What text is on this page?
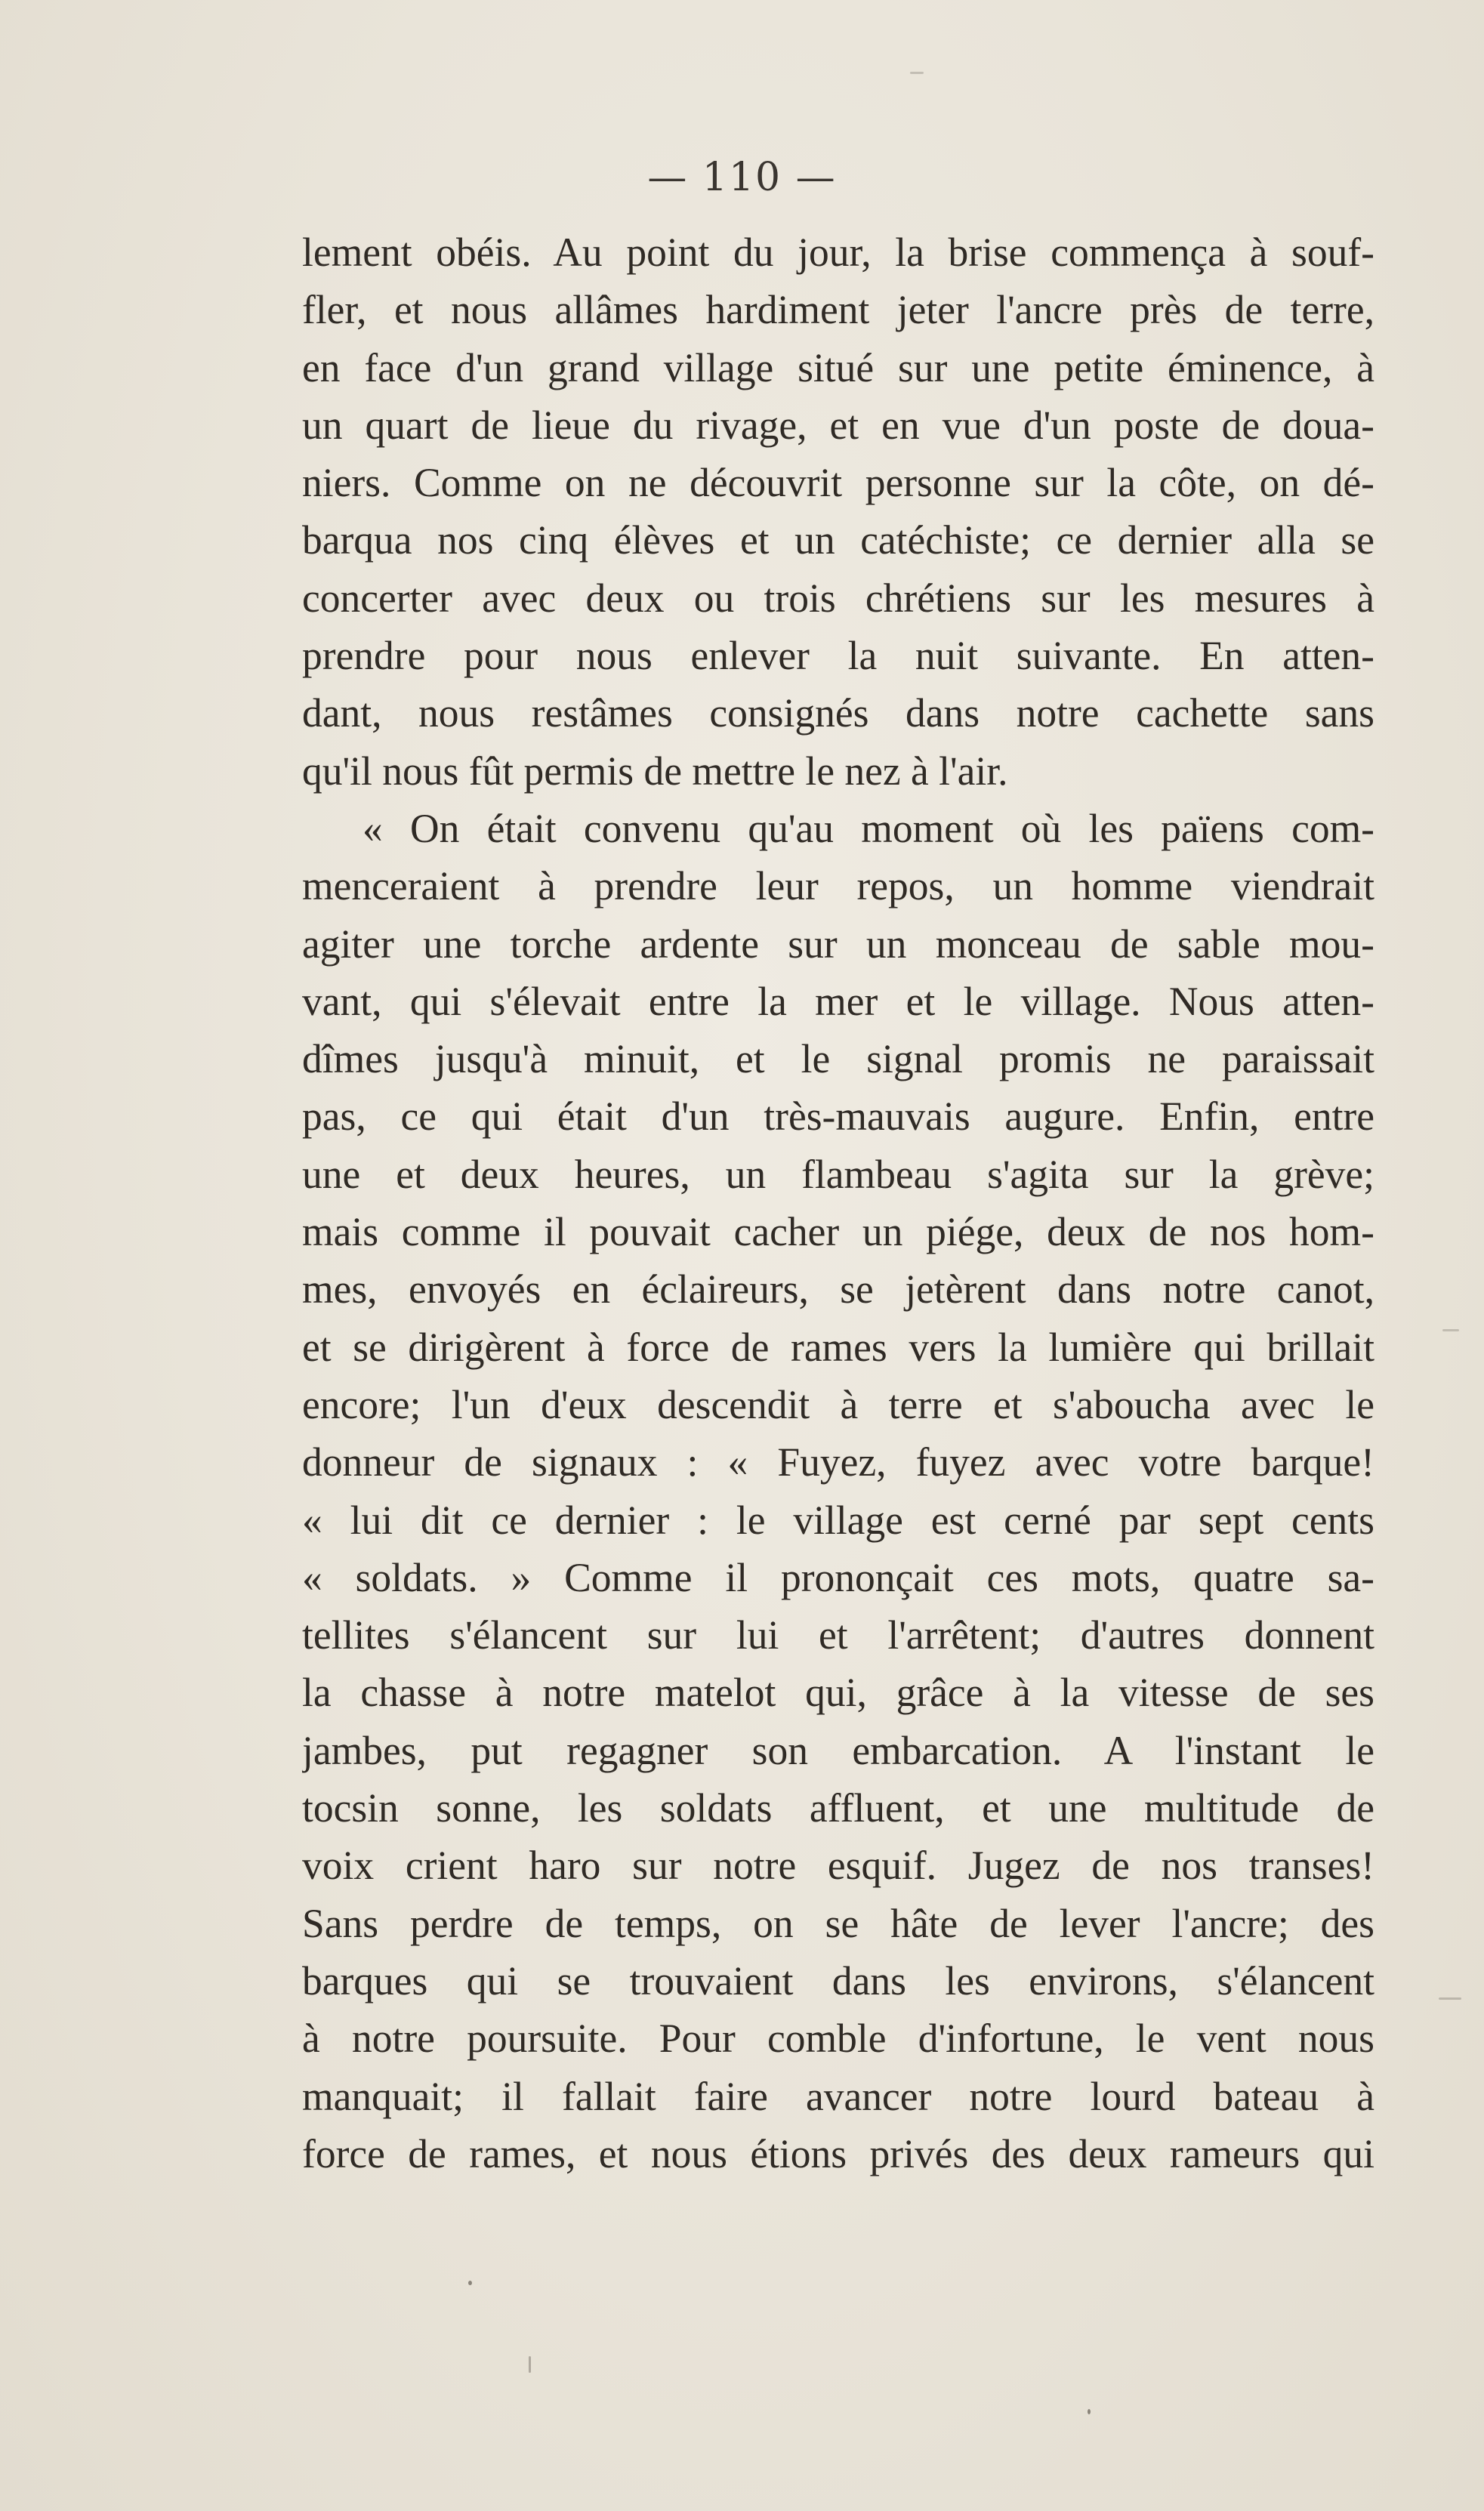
— 110 —
lement obéis. Au point du jour, la brise commença à souf-
fler, et nous allâmes hardiment jeter l'ancre près de terre,
en face d'un grand village situé sur une petite éminence, à
un quart de lieue du rivage, et en vue d'un poste de doua-
niers. Comme on ne découvrit personne sur la côte, on dé-
barqua nos cinq élèves et un catéchiste; ce dernier alla se
concerter avec deux ou trois chrétiens sur les mesures à
prendre pour nous enlever la nuit suivante. En atten-
dant, nous restâmes consignés dans notre cachette sans
qu'il nous fût permis de mettre le nez à l'air.
« On était convenu qu'au moment où les païens com-
menceraient à prendre leur repos, un homme viendrait
agiter une torche ardente sur un monceau de sable mou-
vant, qui s'élevait entre la mer et le village. Nous atten-
dîmes jusqu'à minuit, et le signal promis ne paraissait
pas, ce qui était d'un très-mauvais augure. Enfin, entre
une et deux heures, un flambeau s'agita sur la grève;
mais comme il pouvait cacher un piége, deux de nos hom-
mes, envoyés en éclaireurs, se jetèrent dans notre canot,
et se dirigèrent à force de rames vers la lumière qui brillait
encore; l'un d'eux descendit à terre et s'aboucha avec le
donneur de signaux : « Fuyez, fuyez avec votre barque!
« lui dit ce dernier : le village est cerné par sept cents
« soldats. » Comme il prononçait ces mots, quatre sa-
tellites s'élancent sur lui et l'arrêtent; d'autres donnent
la chasse à notre matelot qui, grâce à la vitesse de ses
jambes, put regagner son embarcation. A l'instant le
tocsin sonne, les soldats affluent, et une multitude de
voix crient haro sur notre esquif. Jugez de nos transes!
Sans perdre de temps, on se hâte de lever l'ancre; des
barques qui se trouvaient dans les environs, s'élancent
à notre poursuite. Pour comble d'infortune, le vent nous
manquait; il fallait faire avancer notre lourd bateau à
force de rames, et nous étions privés des deux rameurs qui
